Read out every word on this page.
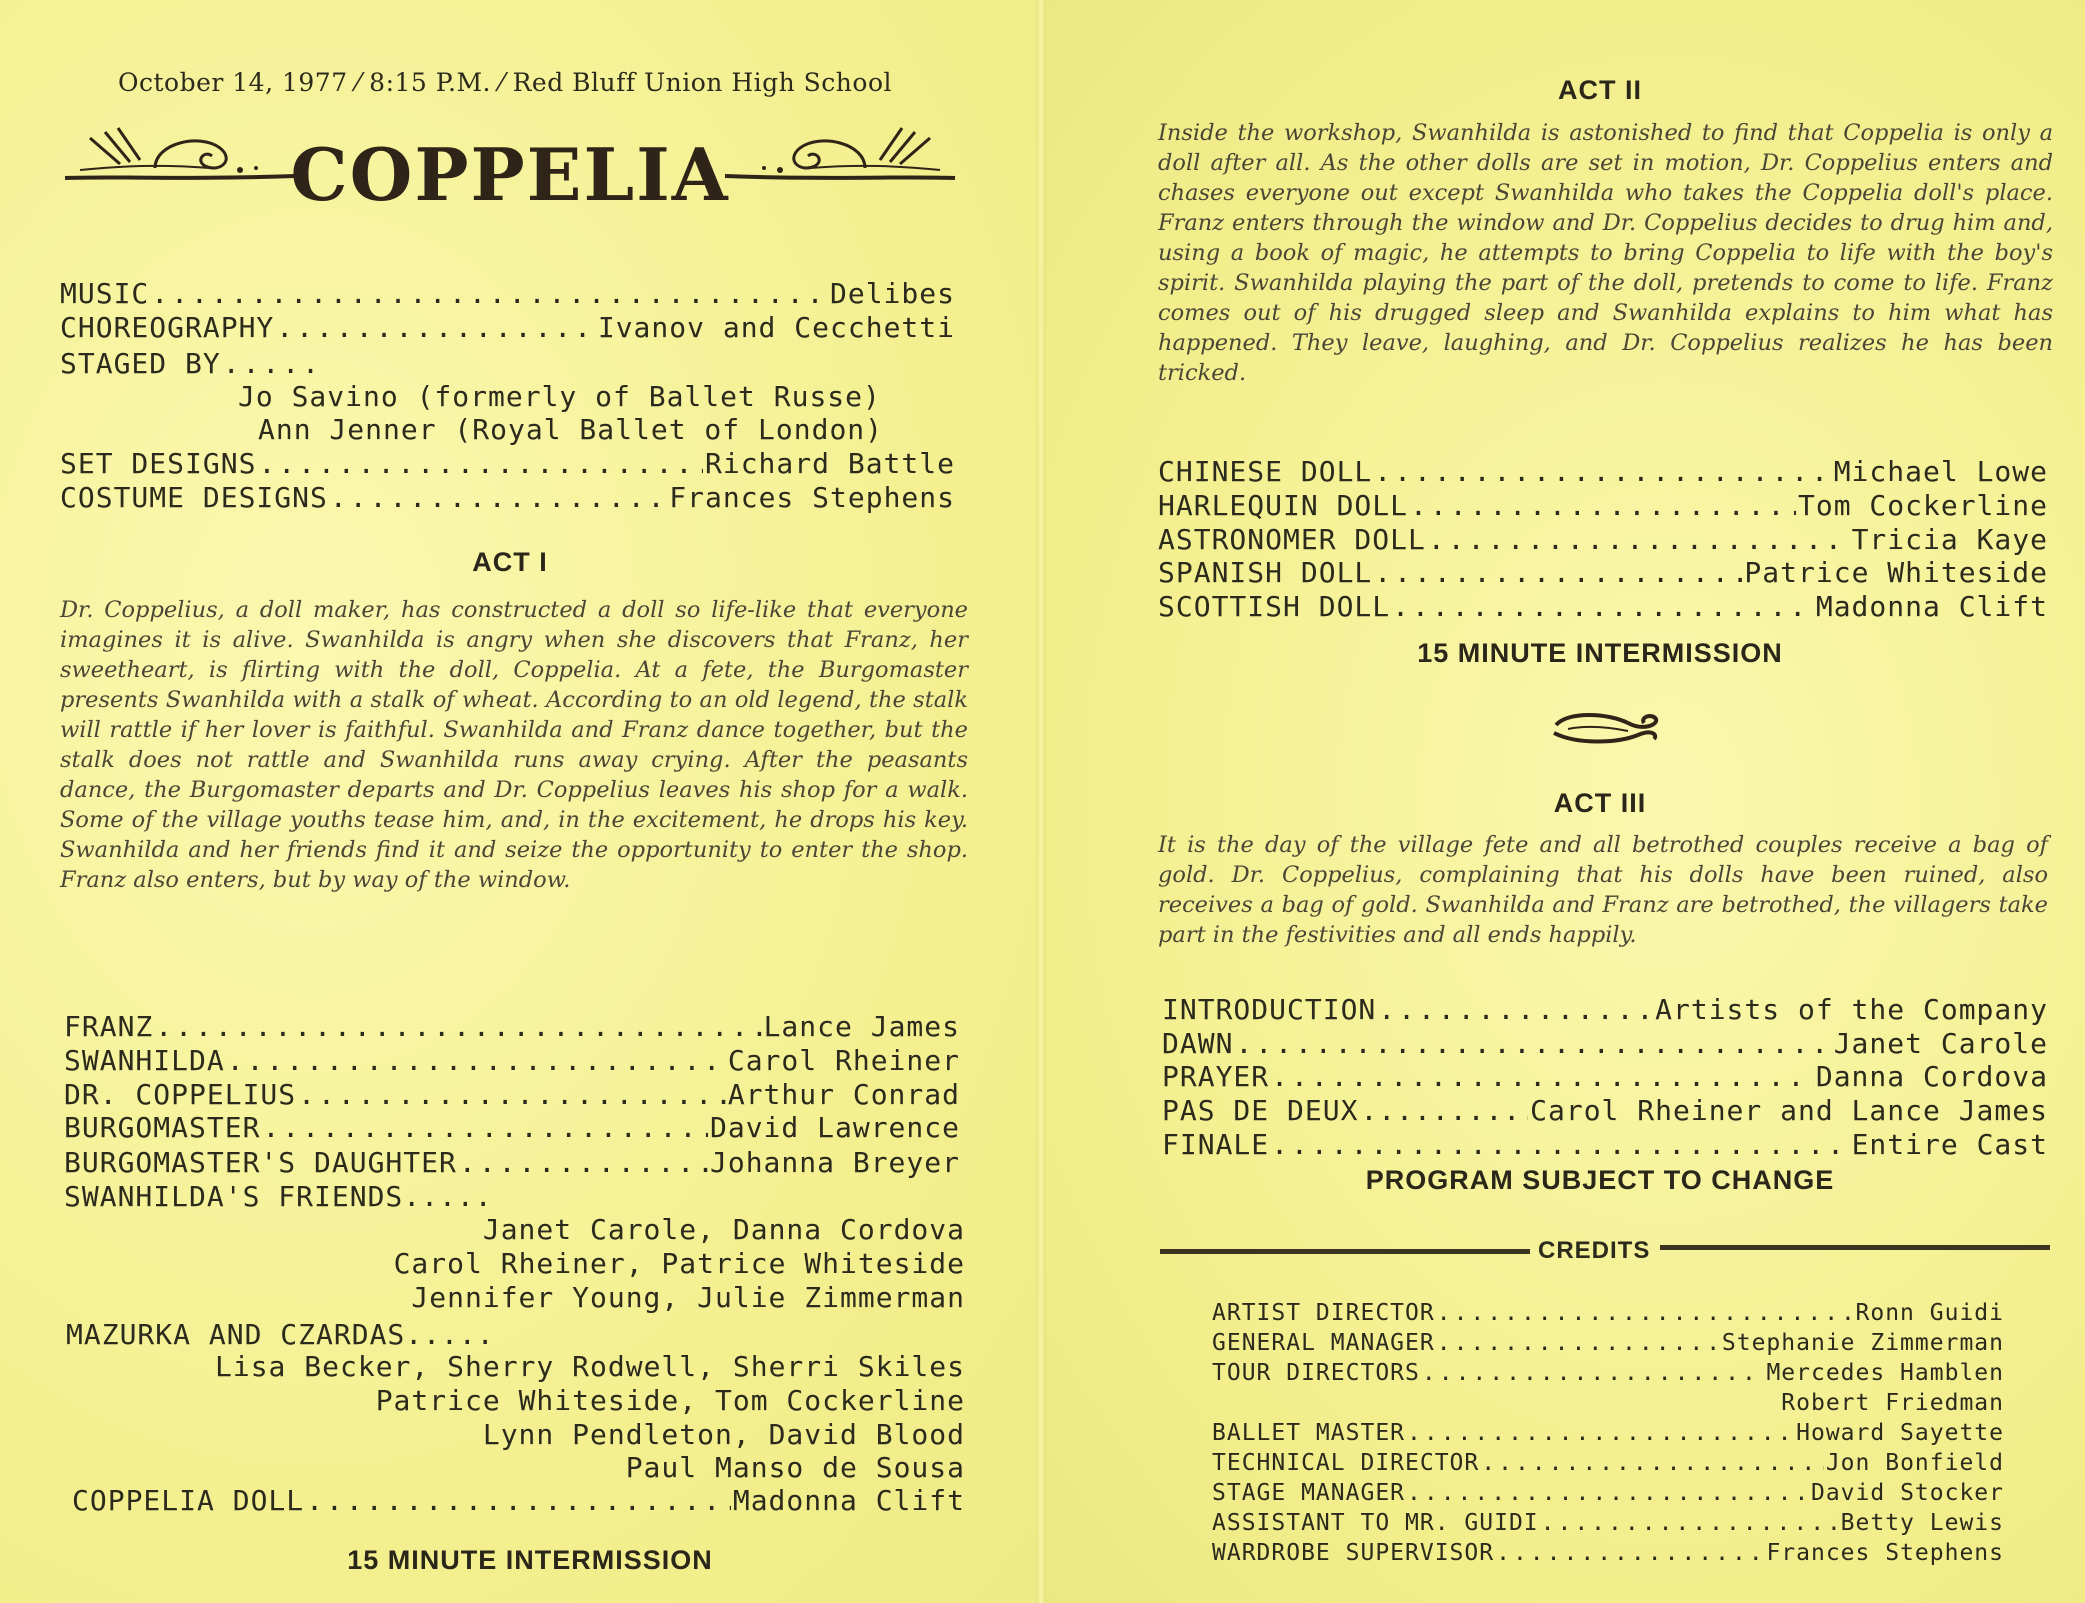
October 14, 1977 ⁄ 8:15 P.M. ⁄ Red Bluff Union High School
COPPELIA
MUSIC .....	Delibes
CHOREOGRAPHY .....	Ivanov and Cecchetti
STAGED BY
.....
Jo Savino (formerly of Ballet Russe)
Ann Jenner (Royal Ballet of London)
SET DESIGNS .....	Richard Battle
COSTUME DESIGNS .....	Frances Stephens
ACT I
Dr. Coppelius, a doll maker, has constructed a doll so life-like that everyone imagines it is alive. Swanhilda is angry when she discovers that Franz, her sweetheart, is flirting with the doll, Coppelia. At a fete, the Burgomaster presents Swanhilda with a stalk of wheat. According to an old legend, the stalk will rattle if her lover is faithful. Swanhilda and Franz dance together, but the stalk does not rattle and Swanhilda runs away crying. After the peasants dance, the Burgomaster departs and Dr. Coppelius leaves his shop for a walk. Some of the village youths tease him, and, in the excitement, he drops his key. Swanhilda and her friends find it and seize the opportunity to enter the shop. Franz also enters, but by way of the window.
FRANZ .....	Lance James
SWANHILDA .....	Carol Rheiner
DR. COPPELIUS .....	Arthur Conrad
BURGOMASTER .....	David Lawrence
BURGOMASTER'S DAUGHTER .....	Johanna Breyer
SWANHILDA'S FRIENDS.....
Janet Carole, Danna Cordova
Carol Rheiner, Patrice Whiteside
Jennifer Young, Julie Zimmerman
MAZURKA AND CZARDAS.....
Lisa Becker, Sherry Rodwell, Sherri Skiles
Patrice Whiteside, Tom Cockerline
Lynn Pendleton, David Blood
Paul Manso de Sousa
COPPELIA DOLL .....	Madonna Clift
15 MINUTE INTERMISSION
ACT II
Inside the workshop, Swanhilda is astonished to find that Coppelia is only a doll after all. As the other dolls are set in motion, Dr. Coppelius enters and chases everyone out except Swanhilda who takes the Coppelia doll's place. Franz enters through the window and Dr. Coppelius decides to drug him and, using a book of magic, he attempts to bring Coppelia to life with the boy's spirit. Swanhilda playing the part of the doll, pretends to come to life. Franz comes out of his drugged sleep and Swanhilda explains to him what has happened. They leave, laughing, and Dr. Coppelius realizes he has been tricked.
CHINESE DOLL .....	Michael Lowe
HARLEQUIN DOLL .....	Tom Cockerline
ASTRONOMER DOLL .....	Tricia Kaye
SPANISH DOLL .....	Patrice Whiteside
SCOTTISH DOLL .....	Madonna Clift
15 MINUTE INTERMISSION
ACT III
It is the day of the village fete and all betrothed couples receive a bag of gold. Dr. Coppelius, complaining that his dolls have been ruined, also receives a bag of gold. Swanhilda and Franz are betrothed, the villagers take part in the festivities and all ends happily.
INTRODUCTION .....	Artists of the Company
DAWN .....	Janet Carole
PRAYER .....	Danna Cordova
PAS DE DEUX .....	Carol Rheiner and Lance James
FINALE .....	Entire Cast
PROGRAM SUBJECT TO CHANGE
CREDITS
ARTIST DIRECTOR .....	Ronn Guidi
GENERAL MANAGER .....	Stephanie Zimmerman
TOUR DIRECTORS .....	Mercedes Hamblen
Robert Friedman
BALLET MASTER .....	Howard Sayette
TECHNICAL DIRECTOR .....	Jon Bonfield
STAGE MANAGER .....	David Stocker
ASSISTANT TO MR. GUIDI .....	Betty Lewis
WARDROBE SUPERVISOR .....	Frances Stephens
